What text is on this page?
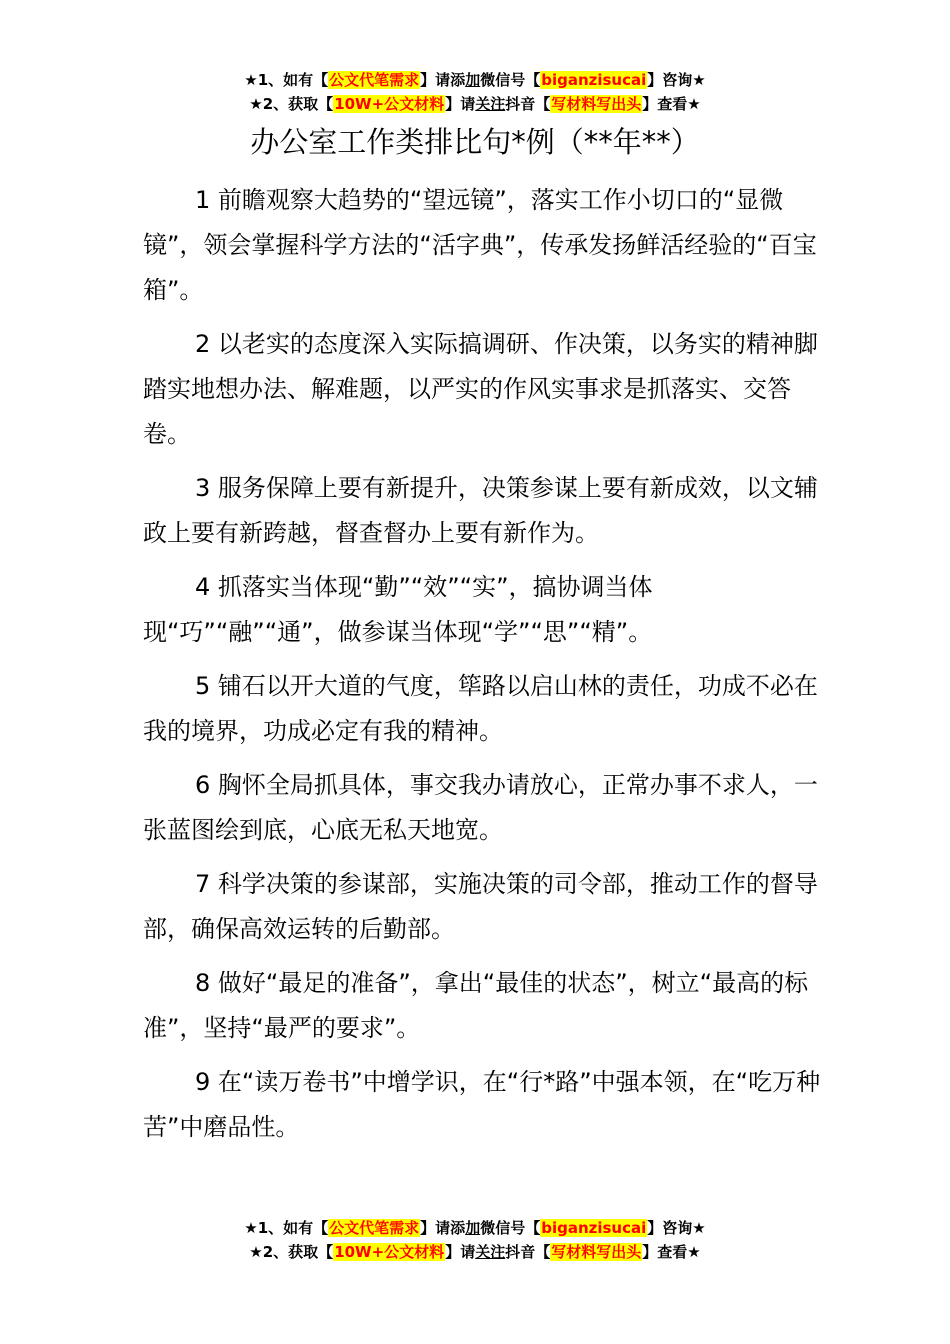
★1、如有【公文代笔需求】请添加微信号【biganzisucai】咨询★
★2、获取【10W+公文材料】请关注抖音【写材料写出头】查看★
办公室工作类排比句*例（**年**）

1 前瞻观察大趋势的“望远镜”，落实工作小切口的“显微镜”，领会掌握科学方法的“活字典”，传承发扬鲜活经验的“百宝箱”。

2 以老实的态度深入实际搞调研、作决策，以务实的精神脚踏实地想办法、解难题，以严实的作风实事求是抓落实、交答卷。

3 服务保障上要有新提升，决策参谋上要有新成效，以文辅政上要有新跨越，督查督办上要有新作为。

4 抓落实当体现“勤”“效”“实”，搞协调当体现“巧”“融”“通”，做参谋当体现“学”“思”“精”。

5 铺石以开大道的气度，筚路以启山林的责任，功成不必在我的境界，功成必定有我的精神。

6 胸怀全局抓具体，事交我办请放心，正常办事不求人，一张蓝图绘到底，心底无私天地宽。

7 科学决策的参谋部，实施决策的司令部，推动工作的督导部，确保高效运转的后勤部。

8 做好“最足的准备”，拿出“最佳的状态”，树立“最高的标准”，坚持“最严的要求”。

9 在“读万卷书”中增学识，在“行*路”中强本领，在“吃万种苦”中磨品性。

★1、如有【公文代笔需求】请添加微信号【biganzisucai】咨询★
★2、获取【10W+公文材料】请关注抖音【写材料写出头】查看★
